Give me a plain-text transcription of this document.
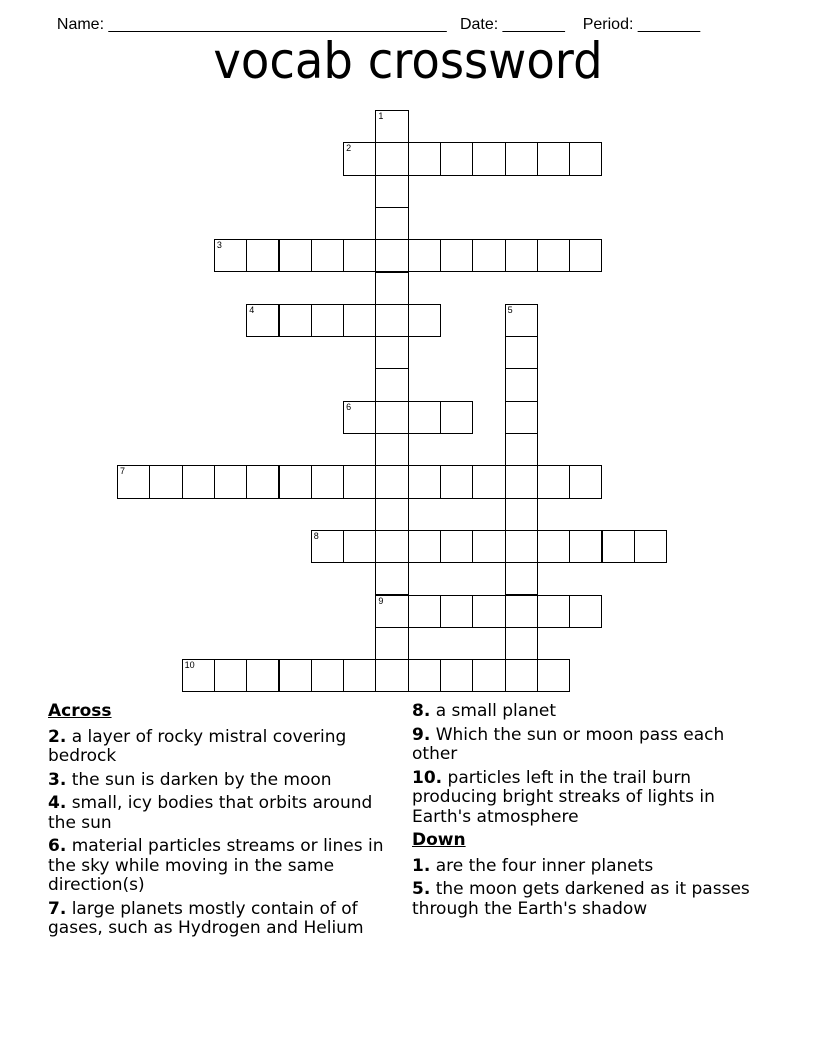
Name: ______________________________________ Date: _______ Period: _______

vocab crossword
1
9
2
3
4	5
6
7
8
10
Across
2. a layer of rocky mistral covering bedrock
3. the sun is darken by the moon
4. small, icy bodies that orbits around the sun
6. material particles streams or lines in the sky while moving in the same direction(s)
7. large planets mostly contain of of gases, such as Hydrogen and Helium
8. a small planet
9. Which the sun or moon pass each other
10. particles left in the trail burn producing bright streaks of lights in Earth's atmosphere
Down
1. are the four inner planets
5. the moon gets darkened as it passes through the Earth's shadow
